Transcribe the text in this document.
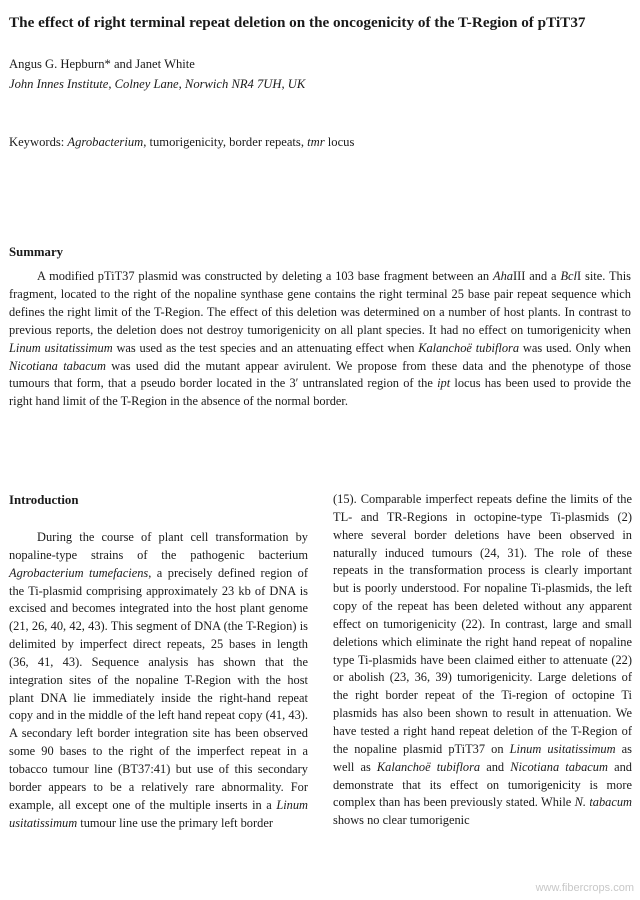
The effect of right terminal repeat deletion on the oncogenicity of the T-Region of pTiT37
Angus G. Hepburn* and Janet White
John Innes Institute, Colney Lane, Norwich NR4 7UH, UK
Keywords: Agrobacterium, tumorigenicity, border repeats, tmr locus
Summary

A modified pTiT37 plasmid was constructed by deleting a 103 base fragment between an AhaIII and a BclI site. This fragment, located to the right of the nopaline synthase gene contains the right terminal 25 base pair repeat sequence which defines the right limit of the T-Region. The effect of this deletion was determined on a number of host plants. In contrast to previous reports, the deletion does not destroy tumorigenicity on all plant species. It had no effect on tumorigenicity when Linum usitatissimum was used as the test species and an attenuating effect when Kalanchoë tubiflora was used. Only when Nicotiana tabacum was used did the mutant appear avirulent. We propose from these data and the phenotype of those tumours that form, that a pseudo border located in the 3′ untranslated region of the ipt locus has been used to provide the right hand limit of the T-Region in the absence of the normal border.

Introduction

During the course of plant cell transformation by nopaline-type strains of the pathogenic bacterium Agrobacterium tumefaciens, a precisely defined region of the Ti-plasmid comprising approximately 23 kb of DNA is excised and becomes integrated into the host plant genome (21, 26, 40, 42, 43). This segment of DNA (the T-Region) is delimited by imperfect direct repeats, 25 bases in length (36, 41, 43). Sequence analysis has shown that the integration sites of the nopaline T-Region with the host plant DNA lie immediately inside the right-hand repeat copy and in the middle of the left hand repeat copy (41, 43). A secondary left border integration site has been observed some 90 bases to the right of the imperfect repeat in a tobacco tumour line (BT37:41) but use of this secondary border appears to be a relatively rare abnormality. For example, all except one of the multiple inserts in a Linum usitatissimum tumour line use the primary left border

(15). Comparable imperfect repeats define the limits of the TL- and TR-Regions in octopine-type Ti-plasmids (2) where several border deletions have been observed in naturally induced tumours (24, 31). The role of these repeats in the transformation process is clearly important but is poorly understood. For nopaline Ti-plasmids, the left copy of the repeat has been deleted without any apparent effect on tumorigenicity (22). In contrast, large and small deletions which eliminate the right hand repeat of nopaline type Ti-plasmids have been claimed either to attenuate (22) or abolish (23, 36, 39) tumorigenicity. Large deletions of the right border repeat of the Ti-region of octopine Ti plasmids has also been shown to result in attenuation. We have tested a right hand repeat deletion of the T-Region of the nopaline plasmid pTiT37 on Linum usitatissimum as well as Kalanchoë tubiflora and Nicotiana tabacum and demonstrate that its effect on tumorigenicity is more complex than has been previously stated. While N. tabacum shows no clear tumorigenic

www.fibercrops.com
